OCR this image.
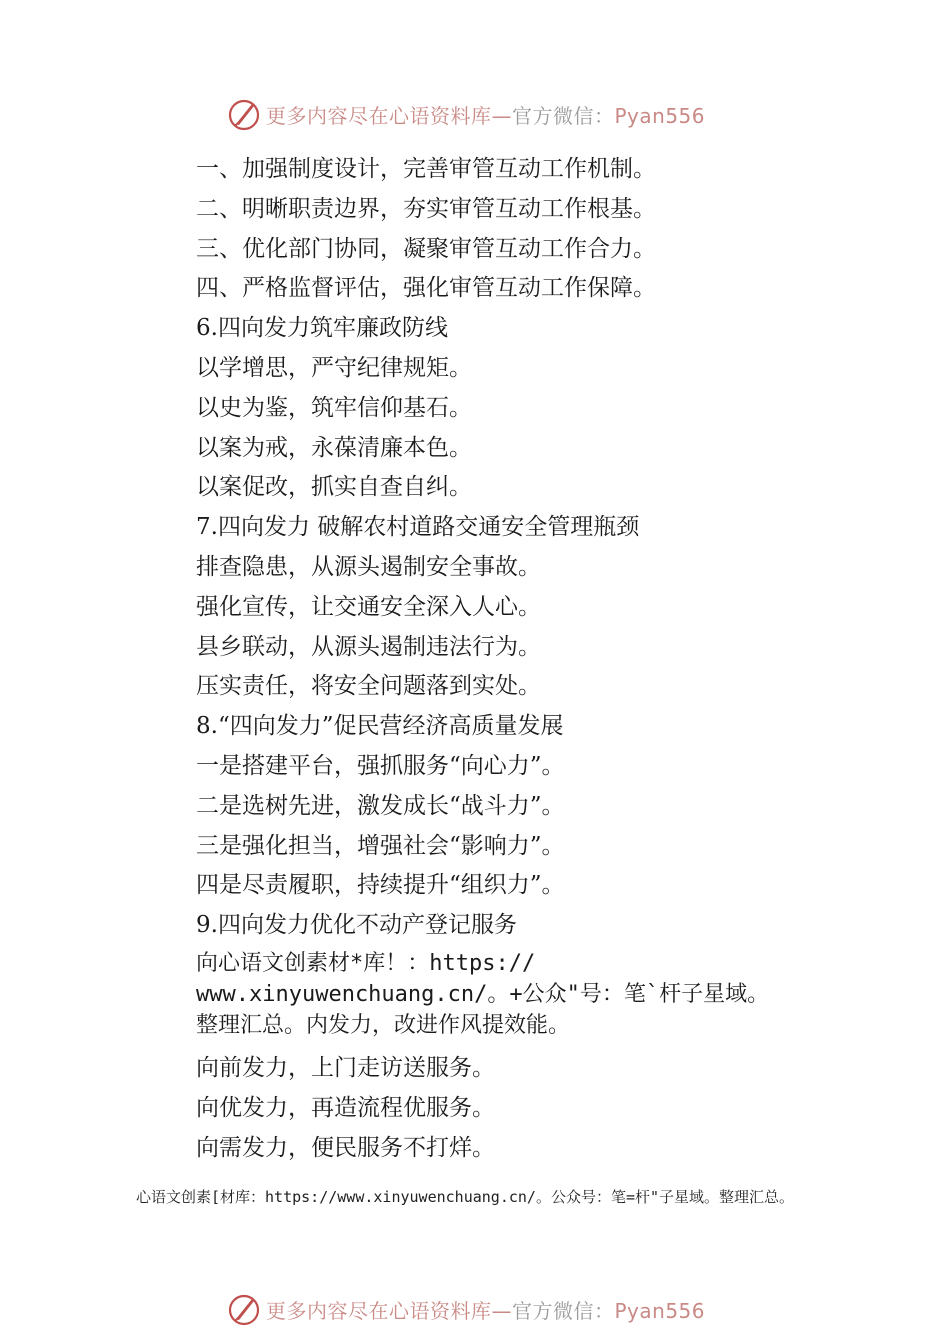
更多内容尽在心语资料库—官方微信：Pyan556
一、加强制度设计，完善审管互动工作机制。
二、明晰职责边界，夯实审管互动工作根基。
三、优化部门协同，凝聚审管互动工作合力。
四、严格监督评估，强化审管互动工作保障。
6.四向发力筑牢廉政防线
以学增思，严守纪律规矩。
以史为鉴，筑牢信仰基石。
以案为戒，永葆清廉本色。
以案促改，抓实自查自纠。
7.四向发力 破解农村道路交通安全管理瓶颈
排查隐患，从源头遏制安全事故。
强化宣传，让交通安全深入人心。
县乡联动，从源头遏制违法行为。
压实责任，将安全问题落到实处。
8.“四向发力”促民营经济高质量发展
一是搭建平台，强抓服务“向心力”。
二是选树先进，激发成长“战斗力”。
三是强化担当，增强社会“影响力”。
四是尽责履职，持续提升“组织力”。
9.四向发力优化不动产登记服务
向心语文创素材*库！：https://
www.xinyuwenchuang.cn/。+公众"号：笔`杆子星域。
整理汇总。内发力，改进作风提效能。
向前发力，上门走访送服务。
向优发力，再造流程优服务。
向需发力，便民服务不打烊。
心语文创素[材库：https://www.xinyuwenchuang.cn/。公众号：笔=杆"子星域。整理汇总。
更多内容尽在心语资料库—官方微信：Pyan556
